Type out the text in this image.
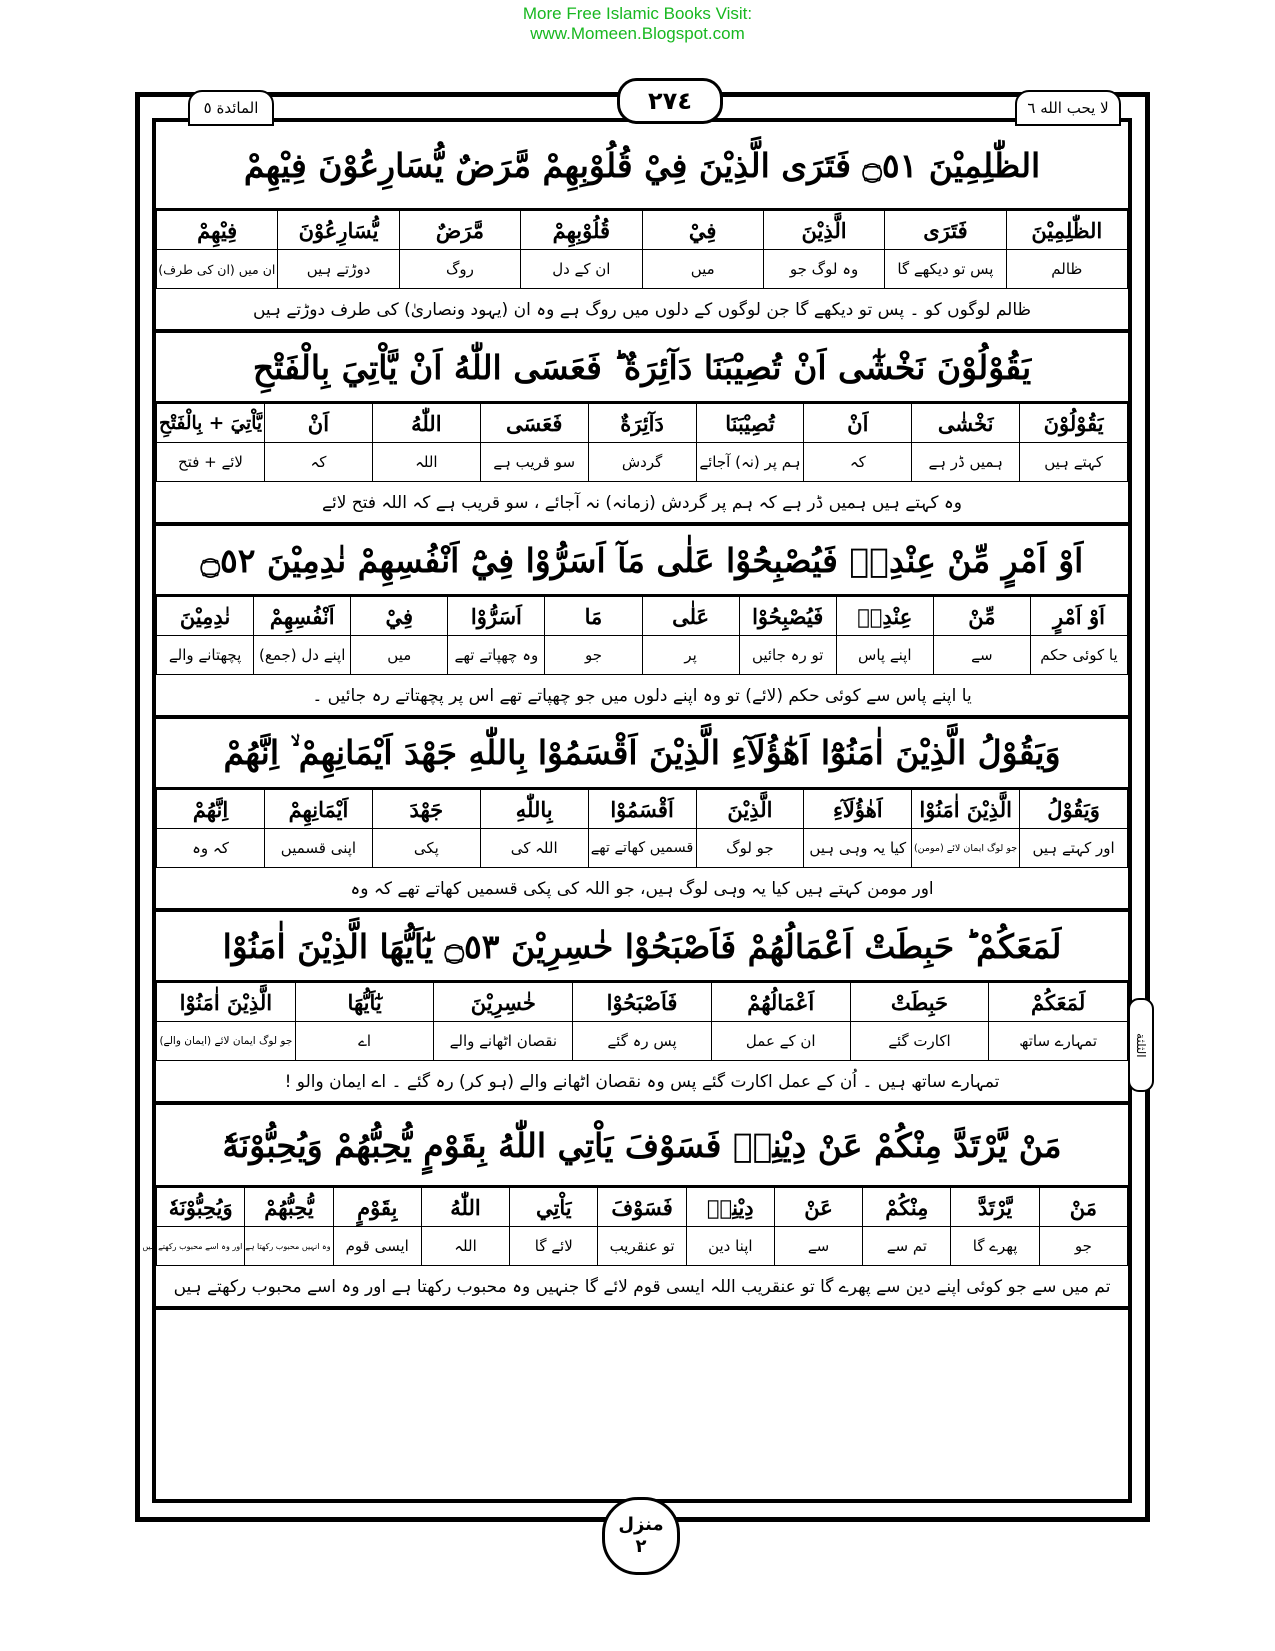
More Free Islamic Books Visit:
www.Momeen.Blogspot.com
المائدة ٥	٢٧٤	لا يحب الله ٦
الثلثة
الظّٰلِمِيْنَ ۝٥١ فَتَرَى الَّذِيْنَ فِيْ قُلُوْبِهِمْ مَّرَضٌ يُّسَارِعُوْنَ فِيْهِمْ
الظّٰلِمِيْنَ	فَتَرَى	الَّذِيْنَ	فِيْ	قُلُوْبِهِمْ	مَّرَضٌ	يُّسَارِعُوْنَ	فِيْهِمْ
ظالم	پس تو دیکھے گا	وہ لوگ جو	میں	ان کے دل	روگ	دوڑتے ہیں	ان میں (ان کی طرف)
ظالم لوگوں کو ۔ پس تو دیکھے گا جن لوگوں کے دلوں میں روگ ہے وہ ان (یہود ونصاریٰ) کی طرف دوڑتے ہیں
يَقُوْلُوْنَ نَخْشٰٓى اَنْ تُصِيْبَنَا دَآئِرَةٌ ؕ فَعَسَى اللّٰهُ اَنْ يَّاْتِيَ بِالْفَتْحِ
يَقُوْلُوْنَ	نَخْشٰى	اَنْ	تُصِيْبَنَا	دَآئِرَةٌ	فَعَسَى	اللّٰهُ	اَنْ	يَّاْتِيَ + بِالْفَتْحِ
کہتے ہیں	ہمیں ڈر ہے	کہ	ہم پر (نہ) آجائے	گردش	سو قریب ہے	اللہ	کہ	لائے + فتح
وہ کہتے ہیں ہمیں ڈر ہے کہ ہم پر گردش (زمانہ) نہ آجائے ، سو قریب ہے کہ اللہ فتح لائے
اَوْ اَمْرٍ مِّنْ عِنْدِهٖ فَيُصْبِحُوْا عَلٰى مَآ اَسَرُّوْا فِيْٓ اَنْفُسِهِمْ نٰدِمِيْنَ ۝٥٢
اَوْ اَمْرٍ	مِّنْ	عِنْدِهٖ	فَيُصْبِحُوْا	عَلٰى	مَا	اَسَرُّوْا	فِيْ	اَنْفُسِهِمْ	نٰدِمِيْنَ
یا کوئی حکم	سے	اپنے پاس	تو رہ جائیں	پر	جو	وہ چھپاتے تھے	میں	اپنے دل (جمع)	پچھتانے والے
یا اپنے پاس سے کوئی حکم (لائے) تو وہ اپنے دلوں میں جو چھپاتے تھے اس پر پچھتاتے رہ جائیں ۔
وَيَقُوْلُ الَّذِيْنَ اٰمَنُوْٓا اَهٰٓؤُلَآءِ الَّذِيْنَ اَقْسَمُوْا بِاللّٰهِ جَهْدَ اَيْمَانِهِمْ ۙ اِنَّهُمْ
وَيَقُوْلُ	الَّذِيْنَ اٰمَنُوْا	اَهٰؤُلَآءِ	الَّذِيْنَ	اَقْسَمُوْا	بِاللّٰهِ	جَهْدَ	اَيْمَانِهِمْ	اِنَّهُمْ
اور کہتے ہیں	جو لوگ ایمان لائے (مومن)	کیا یہ وہی ہیں	جو لوگ	قسمیں کھاتے تھے	اللہ کی	پکی	اپنی قسمیں	کہ وہ
اور مومن کہتے ہیں کیا یہ وہی لوگ ہیں، جو اللہ کی پکی قسمیں کھاتے تھے کہ وہ
لَمَعَكُمْ ؕ حَبِطَتْ اَعْمَالُهُمْ فَاَصْبَحُوْا خٰسِرِيْنَ ۝٥٣ يٰٓاَيُّهَا الَّذِيْنَ اٰمَنُوْا
لَمَعَكُمْ	حَبِطَتْ	اَعْمَالُهُمْ	فَاَصْبَحُوْا	خٰسِرِيْنَ	يٰٓاَيُّهَا	الَّذِيْنَ اٰمَنُوْا
تمہارے ساتھ	اکارت گئے	ان کے عمل	پس رہ گئے	نقصان اٹھانے والے	اے	جو لوگ ایمان لائے (ایمان والے)
تمہارے ساتھ ہیں ۔ اُن کے عمل اکارت گئے پس وہ نقصان اٹھانے والے (ہو کر) رہ گئے ۔ اے ایمان والو !
مَنْ يَّرْتَدَّ مِنْكُمْ عَنْ دِيْنِهٖ فَسَوْفَ يَاْتِي اللّٰهُ بِقَوْمٍ يُّحِبُّهُمْ وَيُحِبُّوْنَهٗٓ
مَنْ	يَّرْتَدَّ	مِنْكُمْ	عَنْ	دِيْنِهٖ	فَسَوْفَ	يَاْتِي	اللّٰهُ	بِقَوْمٍ	يُّحِبُّهُمْ	وَيُحِبُّوْنَهٗ
جو	پھرے گا	تم سے	سے	اپنا دین	تو عنقریب	لائے گا	اللہ	ایسی قوم	وہ انہیں محبوب رکھتا ہے	اور وہ اسے محبوب رکھتے ہیں
تم میں سے جو کوئی اپنے دین سے پھرے گا تو عنقریب اللہ ایسی قوم لائے گا جنہیں وہ محبوب رکھتا ہے اور وہ اسے محبوب رکھتے ہیں
منزل
٢
